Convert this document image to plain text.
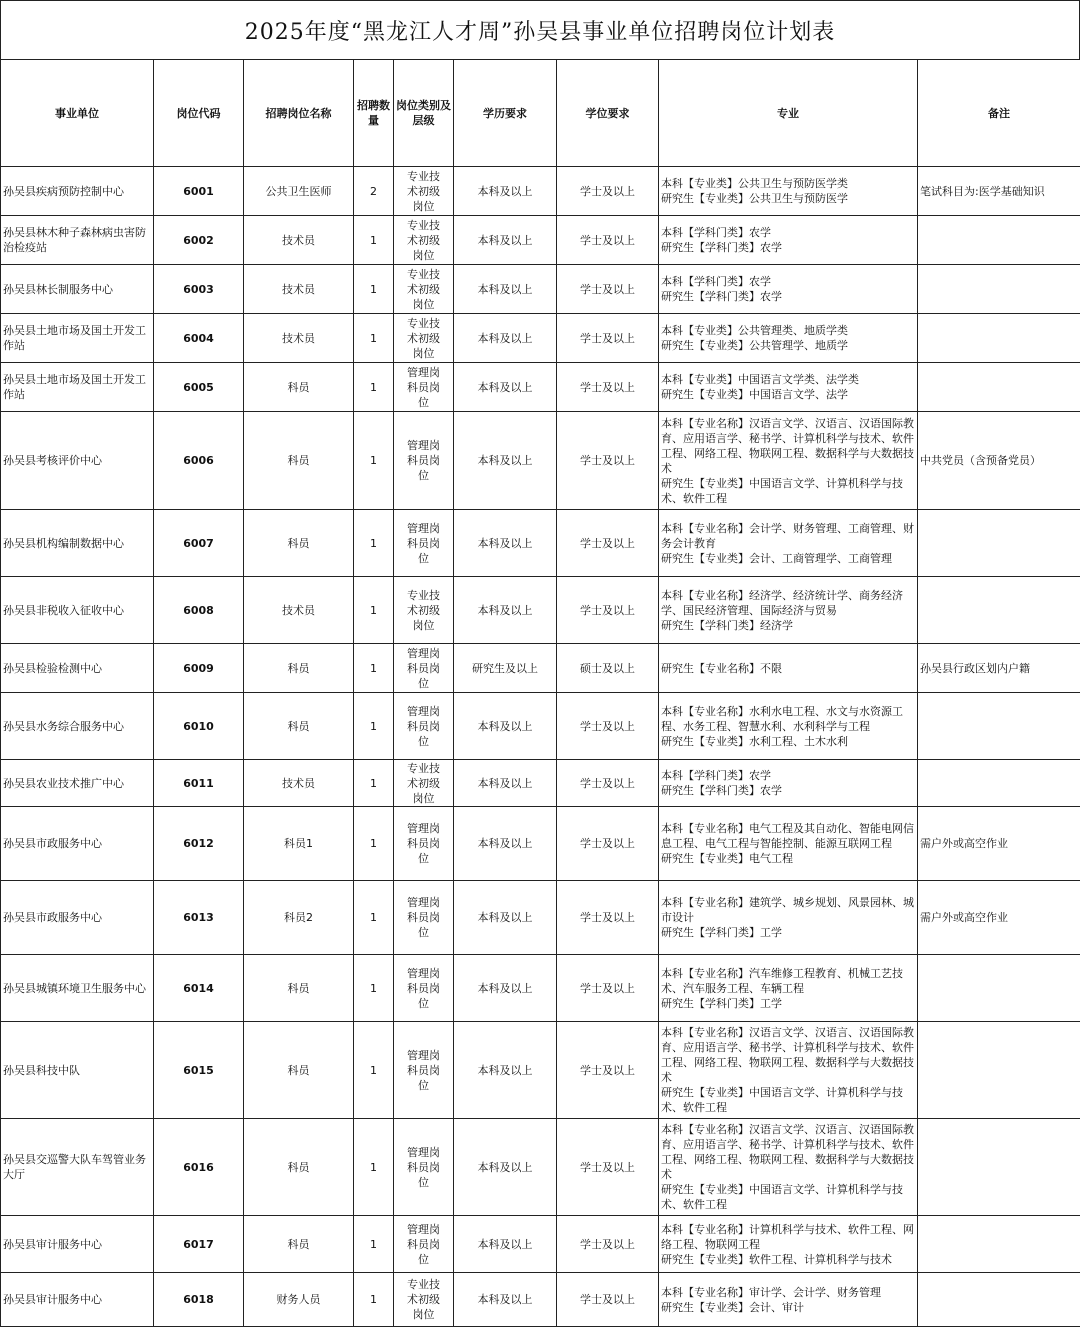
2025年度“黑龙江人才周”孙吴县事业单位招聘岗位计划表
事业单位	岗位代码	招聘岗位名称	招聘数量	岗位类别及层级	学历要求	学位要求	专业	备注
孙吴县疾病预防控制中心	6001	公共卫生医师	2	专业技术初级岗位	本科及以上	学士及以上	本科【专业类】公共卫生与预防医学类
研究生【专业类】公共卫生与预防医学	笔试科目为:医学基础知识
孙吴县林木种子森林病虫害防治检疫站	6002	技术员	1	专业技术初级岗位	本科及以上	学士及以上	本科【学科门类】农学
研究生【学科门类】农学	

孙吴县林长制服务中心	6003	技术员	1	专业技术初级岗位	本科及以上	学士及以上	本科【学科门类】农学
研究生【学科门类】农学	

孙吴县土地市场及国土开发工作站	6004	技术员	1	专业技术初级岗位	本科及以上	学士及以上	本科【专业类】公共管理类、地质学类
研究生【专业类】公共管理学、地质学	

孙吴县土地市场及国土开发工作站	6005	科员	1	管理岗科员岗位	本科及以上	学士及以上	本科【专业类】中国语言文学类、法学类
研究生【专业类】中国语言文学、法学	

孙吴县考核评价中心	6006	科员	1	管理岗科员岗位	本科及以上	学士及以上	本科【专业名称】汉语言文学、汉语言、汉语国际教育、应用语言学、秘书学、计算机科学与技术、软件工程、网络工程、物联网工程、数据科学与大数据技术
研究生【专业类】中国语言文学、计算机科学与技术、软件工程	中共党员（含预备党员）
孙吴县机构编制数据中心	6007	科员	1	管理岗科员岗位	本科及以上	学士及以上	本科【专业名称】会计学、财务管理、工商管理、财务会计教育
研究生【专业类】会计、工商管理学、工商管理	

孙吴县非税收入征收中心	6008	技术员	1	专业技术初级岗位	本科及以上	学士及以上	本科【专业名称】经济学、经济统计学、商务经济学、国民经济管理、国际经济与贸易
研究生【学科门类】经济学	

孙吴县检验检测中心	6009	科员	1	管理岗科员岗位	研究生及以上	硕士及以上	研究生【专业名称】不限	孙吴县行政区划内户籍
孙吴县水务综合服务中心	6010	科员	1	管理岗科员岗位	本科及以上	学士及以上	本科【专业名称】水利水电工程、水文与水资源工程、水务工程、智慧水利、水利科学与工程
研究生【专业类】水利工程、土木水利	

孙吴县农业技术推广中心	6011	技术员	1	专业技术初级岗位	本科及以上	学士及以上	本科【学科门类】农学
研究生【学科门类】农学	

孙吴县市政服务中心	6012	科员1	1	管理岗科员岗位	本科及以上	学士及以上	本科【专业名称】电气工程及其自动化、智能电网信息工程、电气工程与智能控制、能源互联网工程
研究生【专业类】电气工程	需户外或高空作业
孙吴县市政服务中心	6013	科员2	1	管理岗科员岗位	本科及以上	学士及以上	本科【专业名称】建筑学、城乡规划、风景园林、城市设计
研究生【学科门类】工学	需户外或高空作业
孙吴县城镇环境卫生服务中心	6014	科员	1	管理岗科员岗位	本科及以上	学士及以上	本科【专业名称】汽车维修工程教育、机械工艺技术、汽车服务工程、车辆工程
研究生【学科门类】工学	

孙吴县科技中队	6015	科员	1	管理岗科员岗位	本科及以上	学士及以上	本科【专业名称】汉语言文学、汉语言、汉语国际教育、应用语言学、秘书学、计算机科学与技术、软件工程、网络工程、物联网工程、数据科学与大数据技术
研究生【专业类】中国语言文学、计算机科学与技术、软件工程	

孙吴县交巡警大队车驾管业务大厅	6016	科员	1	管理岗科员岗位	本科及以上	学士及以上	本科【专业名称】汉语言文学、汉语言、汉语国际教育、应用语言学、秘书学、计算机科学与技术、软件工程、网络工程、物联网工程、数据科学与大数据技术
研究生【专业类】中国语言文学、计算机科学与技术、软件工程	

孙吴县审计服务中心	6017	科员	1	管理岗科员岗位	本科及以上	学士及以上	本科【专业名称】计算机科学与技术、软件工程、网络工程、物联网工程
研究生【专业类】软件工程、计算机科学与技术	

孙吴县审计服务中心	6018	财务人员	1	专业技术初级岗位	本科及以上	学士及以上	本科【专业名称】审计学、会计学、财务管理
研究生【专业类】会计、审计	
